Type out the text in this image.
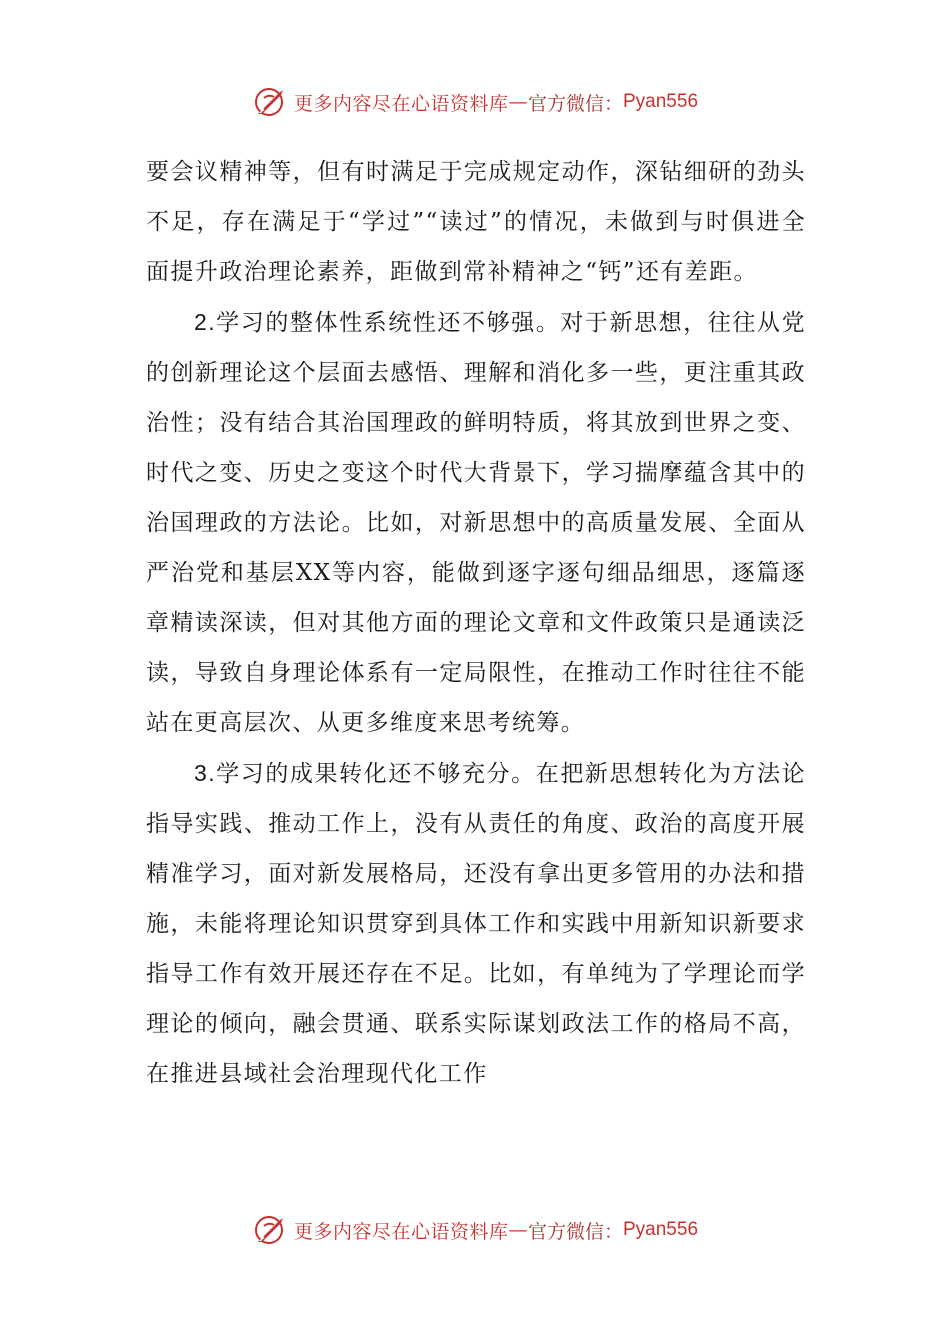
更多内容尽在心语资料库 — 官方微信： Pyan556

要会议精神等，但有时满足于完成规定动作，深钻细研的劲头不足，存在满足于“学过”“读过”的情况，未做到与时俱进全面提升政治理论素养，距做到常补精神之“钙”还有差距。

2.学习的整体性系统性还不够强。对于新思想，往往从党的创新理论这个层面去感悟、理解和消化多一些，更注重其政治性；没有结合其治国理政的鲜明特质，将其放到世界之变、时代之变、历史之变这个时代大背景下，学习揣摩蕴含其中的治国理政的方法论。比如，对新思想中的高质量发展、全面从严治党和基层XX等内容，能做到逐字逐句细品细思，逐篇逐章精读深读，但对其他方面的理论文章和文件政策只是通读泛读，导致自身理论体系有一定局限性，在推动工作时往往不能站在更高层次、从更多维度来思考统筹。

3.学习的成果转化还不够充分。在把新思想转化为方法论指导实践、推动工作上，没有从责任的角度、政治的高度开展精准学习，面对新发展格局，还没有拿出更多管用的办法和措施，未能将理论知识贯穿到具体工作和实践中用新知识新要求指导工作有效开展还存在不足。比如，有单纯为了学理论而学理论的倾向，融会贯通、联系实际谋划政法工作的格局不高，在推进县域社会治理现代化工作

更多内容尽在心语资料库 — 官方微信： Pyan556
